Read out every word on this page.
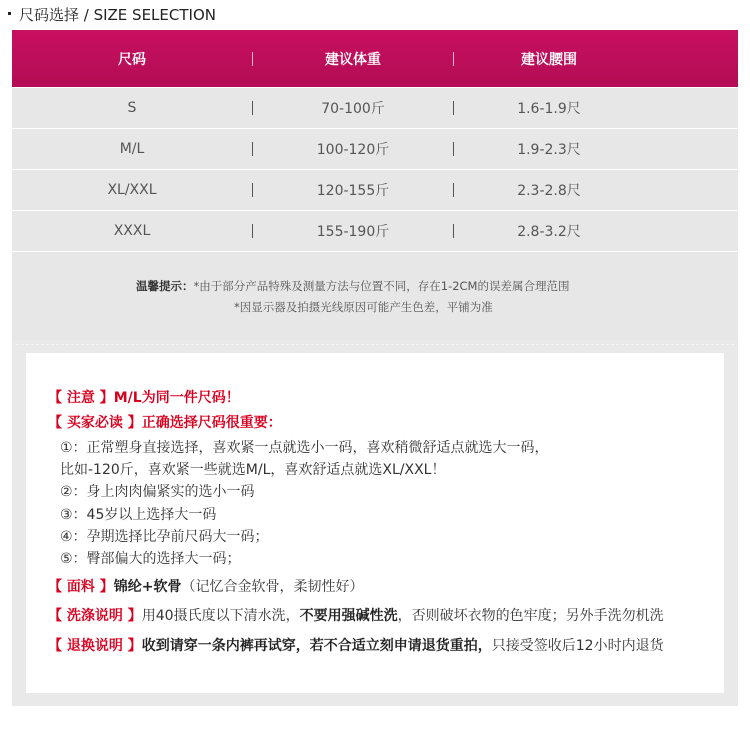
尺码选择 / SIZE SELECTION
尺码	建议体重	建议腰围
S	70-100斤	1.6-1.9尺
M/L	100-120斤	1.9-2.3尺
XL/XXL	120-155斤	2.3-2.8尺
XXXL	155-190斤	2.8-3.2尺
温馨提示：*由于部分产品特殊及测量方法与位置不同，存在1-2CM的误差属合理范围
*因显示器及拍摄光线原因可能产生色差，平铺为准
【 注意 】M/L为同一件尺码！
【 买家必读 】正确选择尺码很重要：
①：正常塑身直接选择，喜欢紧一点就选小一码，喜欢稍微舒适点就选大一码，
比如-120斤，喜欢紧一些就选M/L，喜欢舒适点就选XL/XXL！
②：身上肉肉偏紧实的选小一码
③：45岁以上选择大一码
④：孕期选择比孕前尺码大一码；
⑤：臀部偏大的选择大一码；
【 面料 】锦纶+软骨（记忆合金软骨，柔韧性好）
【 洗涤说明 】用40摄氏度以下清水洗，不要用强碱性洗，否则破坏衣物的色牢度；另外手洗勿机洗
【 退换说明 】收到请穿一条内裤再试穿，若不合适立刻申请退货重拍，只接受签收后12小时内退货
